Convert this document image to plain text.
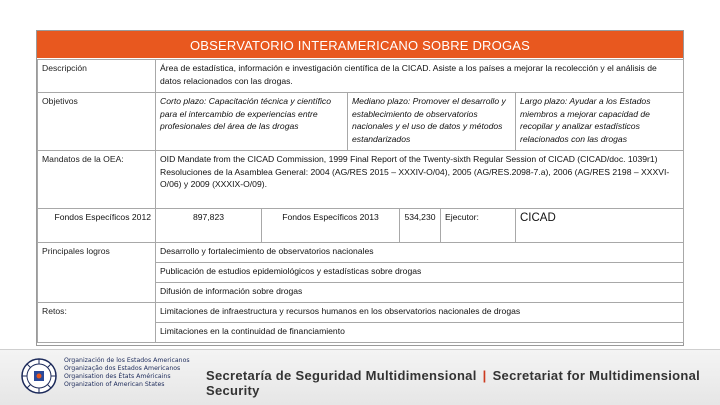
OBSERVATORIO INTERAMERICANO SOBRE DROGAS
Descripción	Área de estadística, información e investigación científica de la CICAD. Asiste a los países a mejorar la recolección y el análisis de datos relacionados con las drogas.					
Objetivos	Corto plazo: Capacitación técnica y científico para el intercambio de experiencias entre profesionales del área de las drogas		Mediano plazo: Promover el desarrollo y establecimiento de observatorios nacionales y el uso de datos y métodos estandarizados			Largo plazo: Ayudar a los Estados miembros a mejorar capacidad de recopilar y analizar estadísticos relacionados con las drogas
Mandatos de la OEA:	OID Mandate from the CICAD Commission, 1999 Final Report of the Twenty-sixth Regular Session of CICAD (CICAD/doc. 1039r1)
Resoluciones de la Asamblea General: 2004 (AG/RES 2015 – XXXIV-O/04), 2005 (AG/RES.2098-7.a), 2006 (AG/RES 2198 – XXXVI-O/06) y 2009 (XXXIX-O/09).					

Fondos Específicos 2012	897,823	Fondos Específicos 2013		534,230	Ejecutor:	CICAD
Principales logros	Desarrollo y fortalecimiento de observatorios nacionales					
	Publicación de estudios epidemiológicos y estadísticas sobre drogas					
	Difusión de información sobre drogas					
Retos:	Limitaciones de infraestructura y recursos humanos en los observatorios nacionales de drogas					
	Limitaciones en la continuidad de financiamiento					
Organización de los Estados Americanos
Organização dos Estados Americanos
Organisation des États Américains
Organization of American States
Secretaría de Seguridad Multidimensional | Secretariat for Multidimensional Security
